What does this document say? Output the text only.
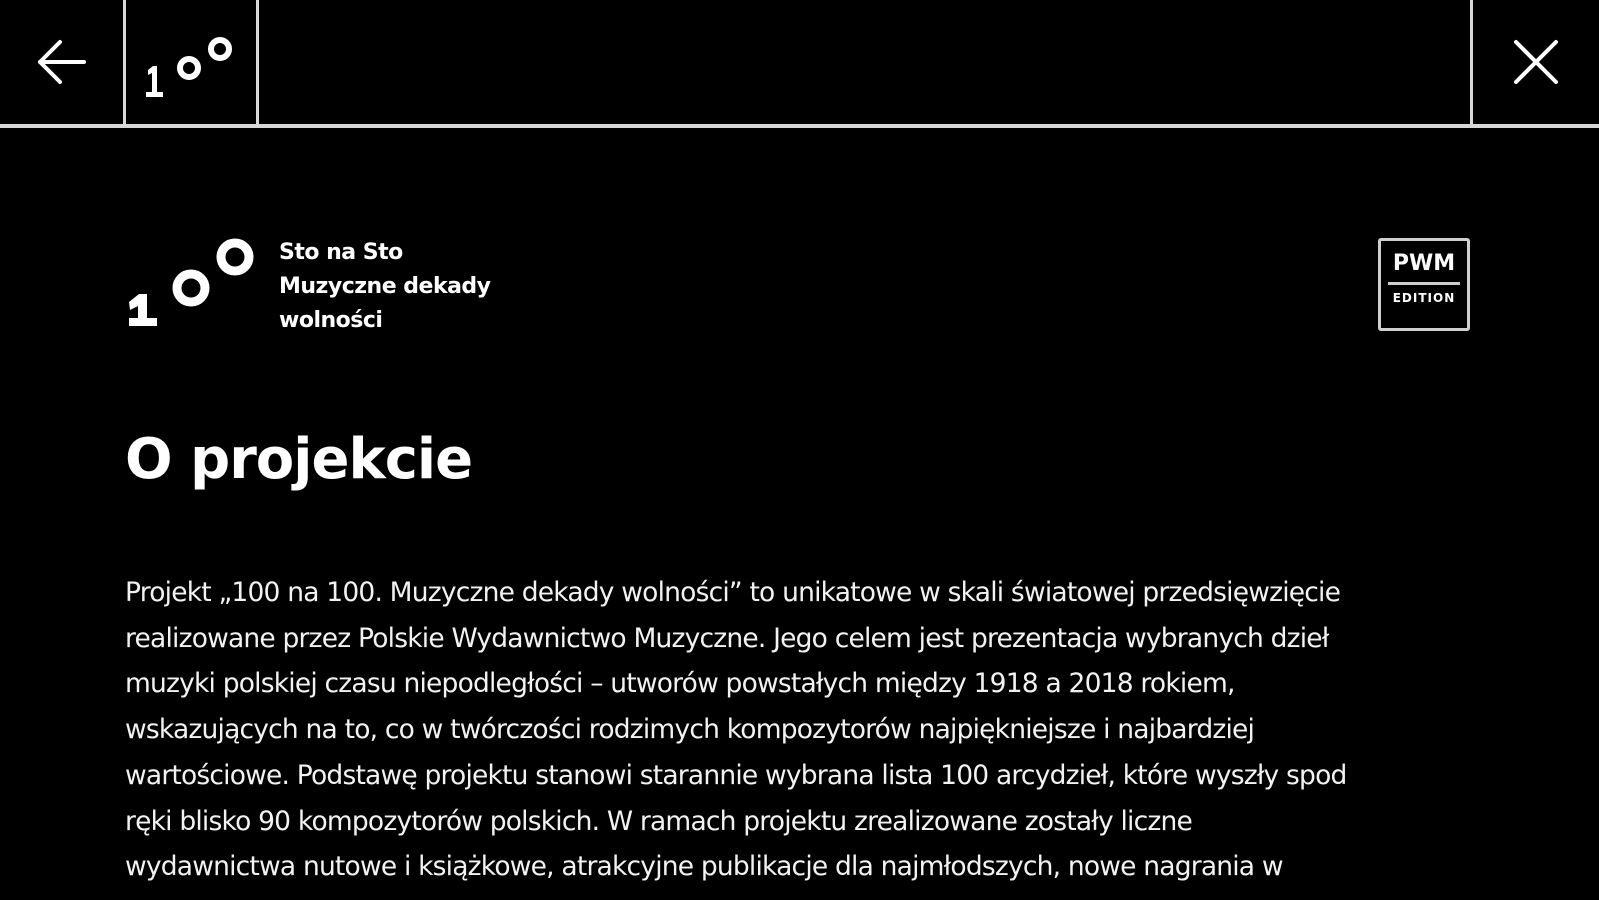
Sto na Sto
Muzyczne dekady
wolności
PWM
EDITION
O projekcie
Projekt „100 na 100. Muzyczne dekady wolności” to unikatowe w skali światowej przedsięwzięcie
realizowane przez Polskie Wydawnictwo Muzyczne. Jego celem jest prezentacja wybranych dzieł
muzyki polskiej czasu niepodległości – utworów powstałych między 1918 a 2018 rokiem,
wskazujących na to, co w twórczości rodzimych kompozytorów najpiękniejsze i najbardziej
wartościowe. Podstawę projektu stanowi starannie wybrana lista 100 arcydzieł, które wyszły spod
ręki blisko 90 kompozytorów polskich. W ramach projektu zrealizowane zostały liczne
wydawnictwa nutowe i książkowe, atrakcyjne publikacje dla najmłodszych, nowe nagrania w
